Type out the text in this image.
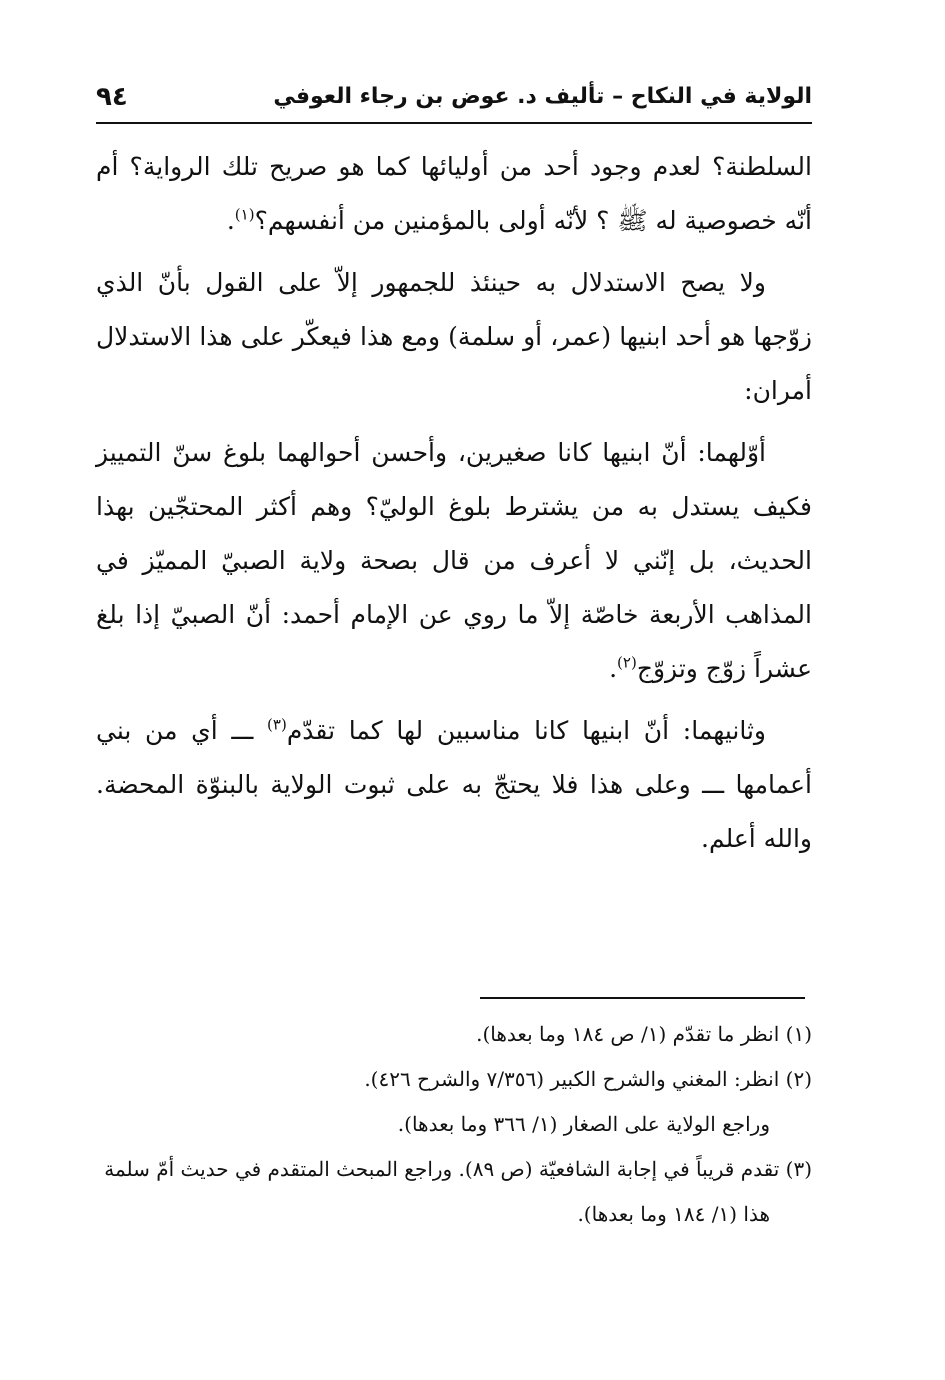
الولاية في النكاح – تأليف د. عوض بن رجاء العوفي
٩٤

السلطنة؟ لعدم وجود أحد من أوليائها كما هو صريح تلك الرواية؟ أم أنّه خصوصية له ﷺ ؟ لأنّه أولى بالمؤمنين من أنفسهم؟$^{(١)}$.

ولا يصح الاستدلال به حينئذ للجمهور إلاّ على القول بأنّ الذي زوّجها هو أحد ابنيها (عمر، أو سلمة) ومع هذا فيعكّر على هذا الاستدلال أمران:

أوّلهما: أنّ ابنيها كانا صغيرين، وأحسن أحوالهما بلوغ سنّ التمييز فكيف يستدل به من يشترط بلوغ الوليّ؟ وهم أكثر المحتجّين بهذا الحديث، بل إنّني لا أعرف من قال بصحة ولاية الصبيّ المميّز في المذاهب الأربعة خاصّة إلاّ ما روي عن الإمام أحمد: أنّ الصبيّ إذا بلغ عشراً زوّج وتزوّج$^{(٢)}$.

وثانيهما: أنّ ابنيها كانا مناسبين لها كما تقدّم$^{(٣)}$ ـــ أي من بني أعمامها ـــ وعلى هذا فلا يحتجّ به على ثبوت الولاية بالبنوّة المحضة. والله أعلم.

(١) انظر ما تقدّم (١/ ص ١٨٤ وما بعدها).

(٢) انظر: المغني والشرح الكبير (٧/٣٥٦ والشرح ٤٢٦).

وراجع الولاية على الصغار (١/ ٣٦٦ وما بعدها).

(٣) تقدم قريباً في إجابة الشافعيّة (ص ٨٩). وراجع المبحث المتقدم في حديث أمّ سلمة

هذا (١/ ١٨٤ وما بعدها).
